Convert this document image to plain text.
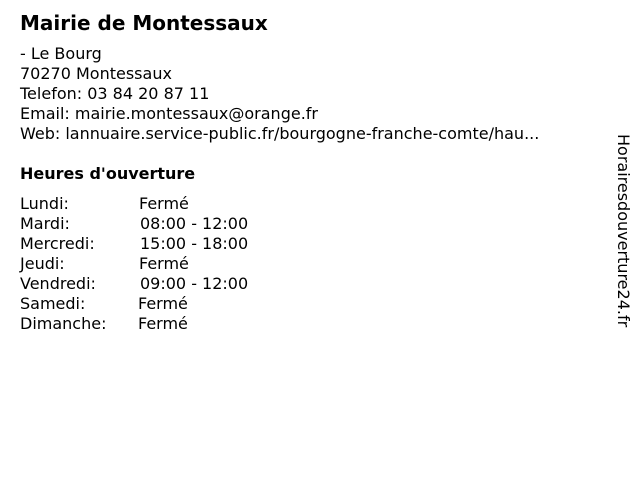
Mairie de Montessaux
- Le Bourg
70270 Montessaux
Telefon: 03 84 20 87 11
Email: mairie.montessaux@orange.fr
Web: lannuaire.service-public.fr/bourgogne-franche-comte/hau...
Heures d'ouverture
Lundi:	Fermé
Mardi:	08:00 - 12:00
Mercredi:	15:00 - 18:00
Jeudi:	Fermé
Vendredi:	09:00 - 12:00
Samedi:	Fermé
Dimanche: Fermé	Horairesdouverture24.fr
